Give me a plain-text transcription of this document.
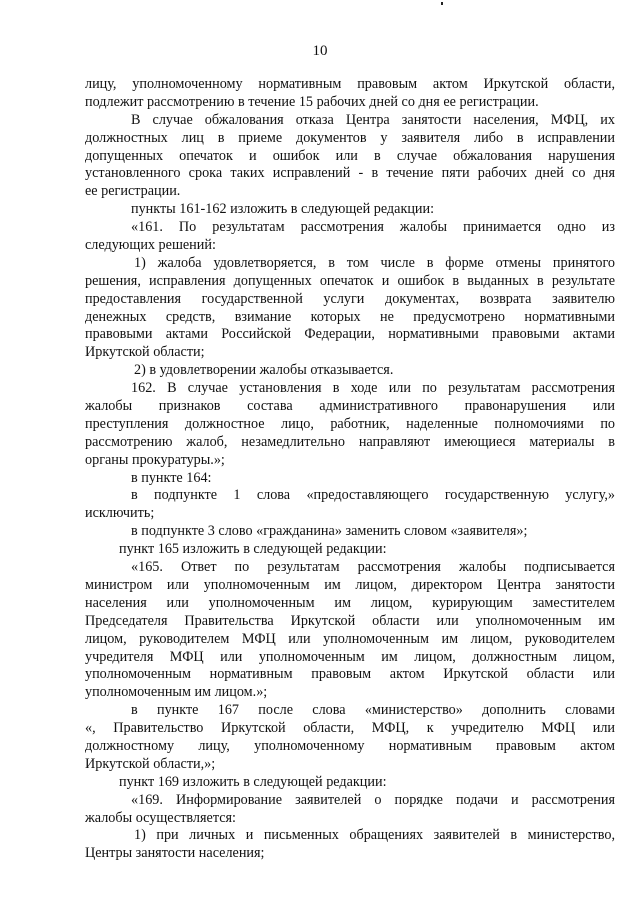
10
лицу, уполномоченному нормативным правовым актом Иркутской области,
подлежит рассмотрению в течение 15 рабочих дней со дня ее регистрации.
В случае обжалования отказа Центра занятости населения, МФЦ, их
должностных лиц в приеме документов у заявителя либо в исправлении
допущенных опечаток и ошибок или в случае обжалования нарушения
установленного срока таких исправлений - в течение пяти рабочих дней со дня
ее регистрации.
пункты 161-162 изложить в следующей редакции:
«161. По результатам рассмотрения жалобы принимается одно из
следующих решений:
1) жалоба удовлетворяется, в том числе в форме отмены принятого
решения, исправления допущенных опечаток и ошибок в выданных в результате
предоставления государственной услуги документах, возврата заявителю
денежных средств, взимание которых не предусмотрено нормативными
правовыми актами Российской Федерации, нормативными правовыми актами
Иркутской области;
2) в удовлетворении жалобы отказывается.
162. В случае установления в ходе или по результатам рассмотрения
жалобы признаков состава административного правонарушения или
преступления должностное лицо, работник, наделенные полномочиями по
рассмотрению жалоб, незамедлительно направляют имеющиеся материалы в
органы прокуратуры.»;
в пункте 164:
в подпункте 1 слова «предоставляющего государственную услугу,»
исключить;
в подпункте 3 слово «гражданина» заменить словом «заявителя»;
пункт 165 изложить в следующей редакции:
«165. Ответ по результатам рассмотрения жалобы подписывается
министром или уполномоченным им лицом, директором Центра занятости
населения или уполномоченным им лицом, курирующим заместителем
Председателя Правительства Иркутской области или уполномоченным им
лицом, руководителем МФЦ или уполномоченным им лицом, руководителем
учредителя МФЦ или уполномоченным им лицом, должностным лицом,
уполномоченным нормативным правовым актом Иркутской области или
уполномоченным им лицом.»;
в пункте 167 после слова «министерство» дополнить словами
«, Правительство Иркутской области, МФЦ, к учредителю МФЦ или
должностному лицу, уполномоченному нормативным правовым актом
Иркутской области,»;
пункт 169 изложить в следующей редакции:
«169. Информирование заявителей о порядке подачи и рассмотрения
жалобы осуществляется:
1) при личных и письменных обращениях заявителей в министерство,
Центры занятости населения;
